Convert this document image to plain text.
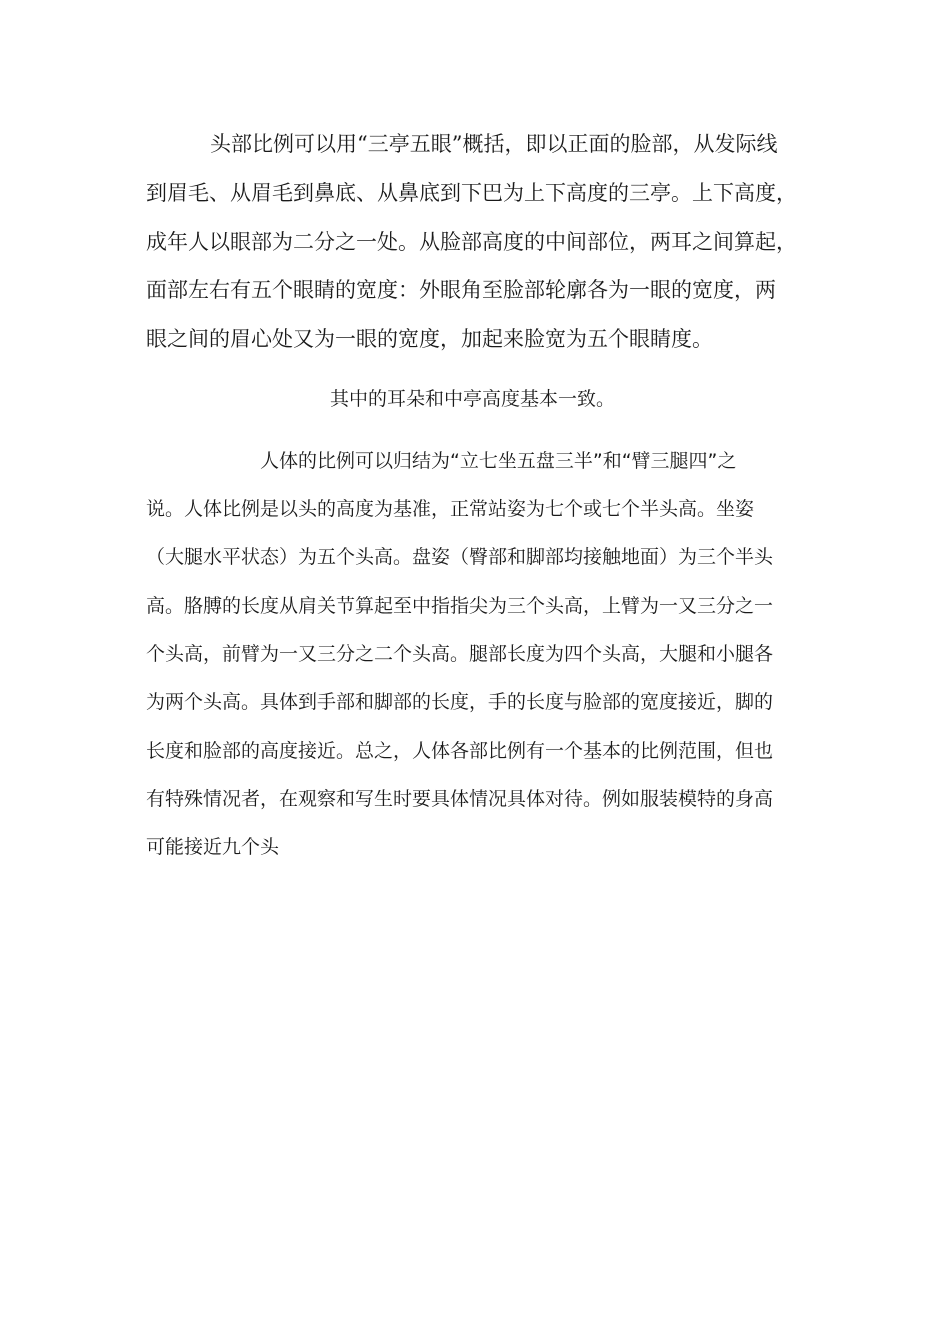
头部比例可以用“三亭五眼”概括，即以正面的脸部，从发际线
到眉毛、从眉毛到鼻底、从鼻底到下巴为上下高度的三亭。上下高度，
成年人以眼部为二分之一处。从脸部高度的中间部位，两耳之间算起，
面部左右有五个眼睛的宽度：外眼角至脸部轮廓各为一眼的宽度，两
眼之间的眉心处又为一眼的宽度，加起来脸宽为五个眼睛度。
其中的耳朵和中亭高度基本一致。
人体的比例可以归结为“立七坐五盘三半”和“臂三腿四”之
说。人体比例是以头的高度为基准，正常站姿为七个或七个半头高。坐姿
（大腿水平状态）为五个头高。盘姿（臀部和脚部均接触地面）为三个半头
高。胳膊的长度从肩关节算起至中指指尖为三个头高，上臂为一又三分之一
个头高，前臂为一又三分之二个头高。腿部长度为四个头高，大腿和小腿各
为两个头高。具体到手部和脚部的长度，手的长度与脸部的宽度接近，脚的
长度和脸部的高度接近。总之，人体各部比例有一个基本的比例范围，但也
有特殊情况者，在观察和写生时要具体情况具体对待。例如服装模特的身高
可能接近九个头
